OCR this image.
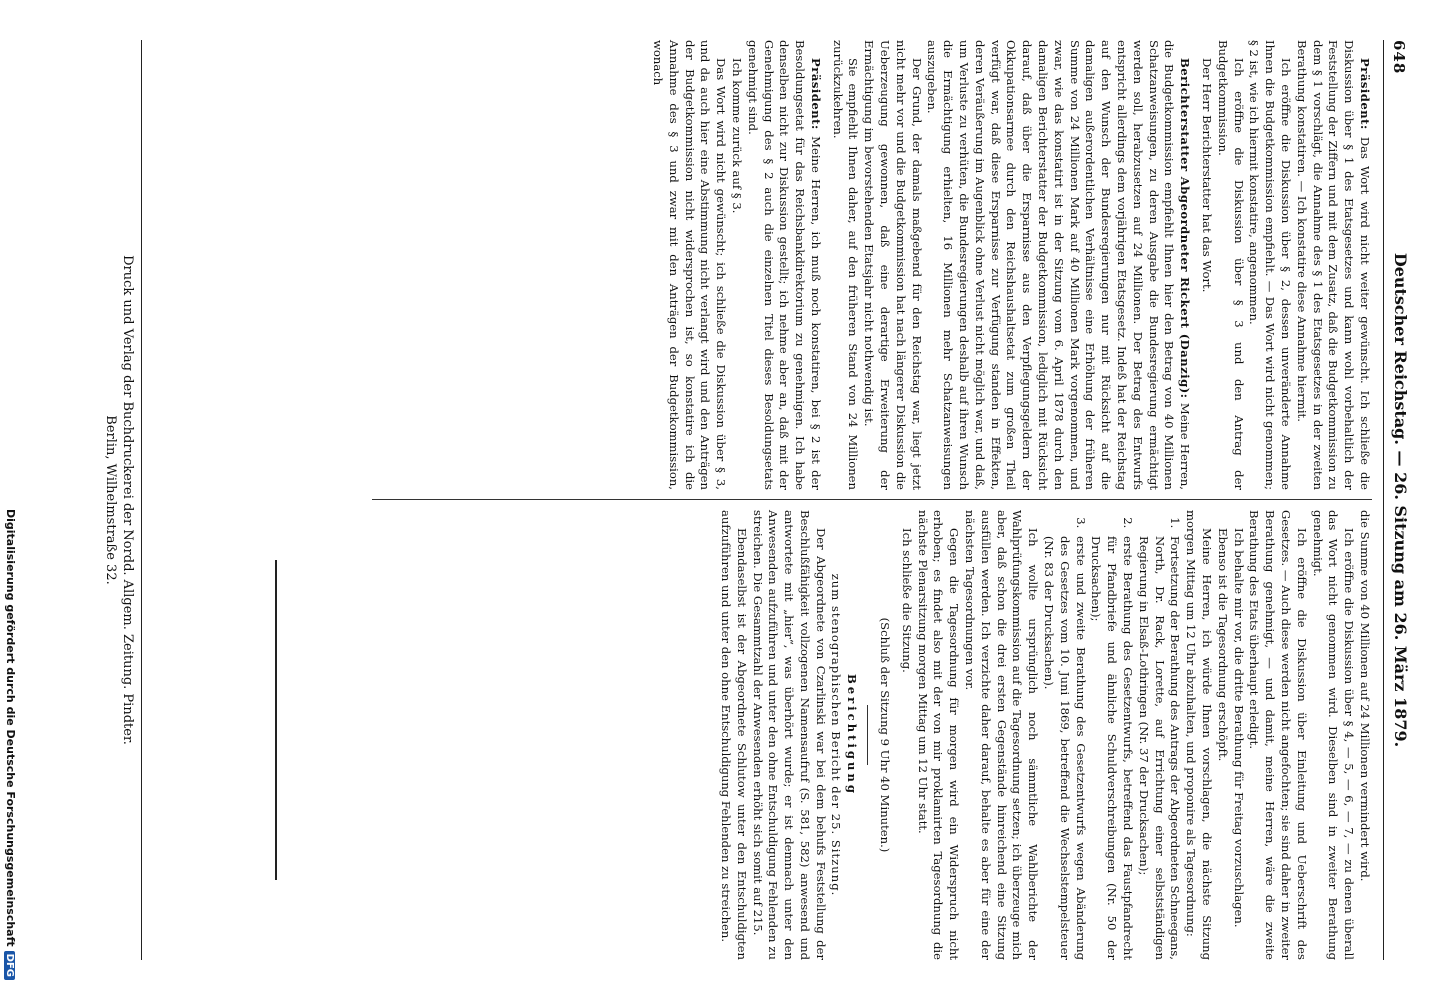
648
Deutscher Reichstag. — 26. Sitzung am 26. März 1879.

Präsident: Das Wort wird nicht weiter gewünscht. Ich schließe die Diskussion über § 1 des Etatsgesetzes und kann wohl vorbehaltlich der Feststellung der Ziffern und mit dem Zusatz, daß die Budgetkommission zu dem § 1 vorschlägt, die Annahme des § 1 des Etatsgesetzes in der zweiten Berathung konstatiren. — Ich konstatire diese Annahme hiermit.

Ich eröffne die Diskussion über § 2, dessen unveränderte Annahme Ihnen die Budgetkommission empfiehlt. — Das Wort wird nicht genommen; § 2 ist, wie ich hiermit konstatire, angenommen.

Ich eröffne die Diskussion über § 3 und den Antrag der Budgetkommission.

Der Herr Berichterstatter hat das Wort.

Berichterstatter Abgeordneter Rickert (Danzig): Meine Herren, die Budgetkommission empfiehlt Ihnen hier den Betrag von 40 Millionen Schatzanweisungen, zu deren Ausgabe die Bundesregierung ermächtigt werden soll, herabzusetzen auf 24 Millionen. Der Betrag des Entwurfs entspricht allerdings dem vorjährigen Etatsgesetz. Indeß hat der Reichstag auf den Wunsch der Bundesregierungen nur mit Rücksicht auf die damaligen außerordentlichen Verhältnisse eine Erhöhung der früheren Summe von 24 Millionen Mark auf 40 Millionen Mark vorgenommen, und zwar, wie das konstatirt ist in der Sitzung vom 6. April 1878 durch den damaligen Berichterstatter der Budgetkommission, lediglich mit Rücksicht darauf, daß über die Ersparnisse aus den Verpflegungsgeldern der Okkupationsarmee durch den Reichshaushaltsetat zum großen Theil verfügt war, daß diese Ersparnisse zur Verfügung standen in Effekten, deren Veräußerung im Augenblick ohne Verlust nicht möglich war, und daß, um Verluste zu verhüten, die Bundesregierungen deshalb auf ihren Wunsch die Ermächtigung erhielten, 16 Millionen mehr Schatzanweisungen auszugeben.

Der Grund, der damals maßgebend für den Reichstag war, liegt jetzt nicht mehr vor und die Budgetkommission hat nach längerer Diskussion die Ueberzeugung gewonnen, daß eine derartige Erweiterung der Ermächtigung im bevorstehenden Etatsjahr nicht nothwendig ist.

Sie empfiehlt Ihnen daher, auf den früheren Stand von 24 Millionen zurückzukehren.

Präsident: Meine Herren, ich muß noch konstatiren, bei § 2 ist der Besoldungsetat für das Reichsbankdirektorium zu genehmigen. Ich habe denselben nicht zur Diskussion gestellt; ich nehme aber an, daß mit der Genehmigung des § 2 auch die einzelnen Titel dieses Besoldungsetats genehmigt sind.

Ich komme zurück auf § 3.

Das Wort wird nicht gewünscht; ich schließe die Diskussion über § 3, und da auch hier eine Abstimmung nicht verlangt wird und den Anträgen der Budgetkommission nicht widersprochen ist, so konstatire ich die Annahme des § 3 und zwar mit den Anträgen der Budgetkommission, wonach

die Summe von 40 Millionen auf 24 Millionen vermindert wird.

Ich eröffne die Diskussion über § 4, — 5, — 6, — 7, — zu denen überall das Wort nicht genommen wird. Dieselben sind in zweiter Berathung genehmigt.

Ich eröffne die Diskussion über Einleitung und Ueberschrift des Gesetzes. — Auch diese werden nicht angefochten; sie sind daher in zweiter Berathung genehmigt, — und damit, meine Herren, wäre die zweite Berathung des Etats überhaupt erledigt.

Ich behalte mir vor, die dritte Berathung für Freitag vorzuschlagen.

Ebenso ist die Tagesordnung erschöpft.

Meine Herren, ich würde Ihnen vorschlagen, die nächste Sitzung morgen Mittag um 12 Uhr abzuhalten, und proponire als Tagesordnung:

1. Fortsetzung der Berathung des Antrags der Abgeordneten Schneegans, North, Dr. Rack, Lorette, auf Errichtung einer selbstständigen Regierung in Elsaß-Lothringen (Nr. 37 der Drucksachen);
2. erste Berathung des Gesetzentwurfs, betreffend das Faustpfandrecht für Pfandbriefe und ähnliche Schuldverschreibungen (Nr. 50 der Drucksachen);
3. erste und zweite Berathung des Gesetzentwurfs wegen Abänderung des Gesetzes vom 10. Juni 1869, betreffend die Wechselstempelsteuer (Nr. 83 der Drucksachen).

Ich wollte ursprünglich noch sämmtliche Wahlberichte der Wahlprüfungskommission auf die Tagesordnung setzen; ich überzeuge mich aber, daß schon die drei ersten Gegenstände hinreichend eine Sitzung ausfüllen werden. Ich verzichte daher darauf, behalte es aber für eine der nächsten Tagesordnungen vor.

Gegen die Tagesordnung für morgen wird ein Widerspruch nicht erhoben; es findet also mit der von mir proklamirten Tagesordnung die nächste Plenarsitzung morgen Mittag um 12 Uhr statt.

Ich schließe die Sitzung.

(Schluß der Sitzung 9 Uhr 40 Minuten.)

Berichtigung

zum stenographischen Bericht der 25. Sitzung.

Der Abgeordnete von Czarlinski war bei dem behufs Feststellung der Beschlußfähigkeit vollzogenen Namensaufruf (S. 581, 582) anwesend und antwortete mit „hier“, was überhört wurde; er ist demnach unter den Anwesenden aufzuführen und unter den ohne Entschuldigung Fehlenden zu streichen. Die Gesammtzahl der Anwesenden erhöht sich somit auf 215.

Ebendaselbst ist der Abgeordnete Schlutow unter den Entschuldigten aufzuführen und unter den ohne Entschuldigung Fehlenden zu streichen.

Druck und Verlag der Buchdruckerei der Nordd. Allgem. Zeitung. Pindter.
Berlin, Wilhelmstraße 32.
Digitalisierung gefördert durch die Deutsche ForschungsgemeinschaftDFG
